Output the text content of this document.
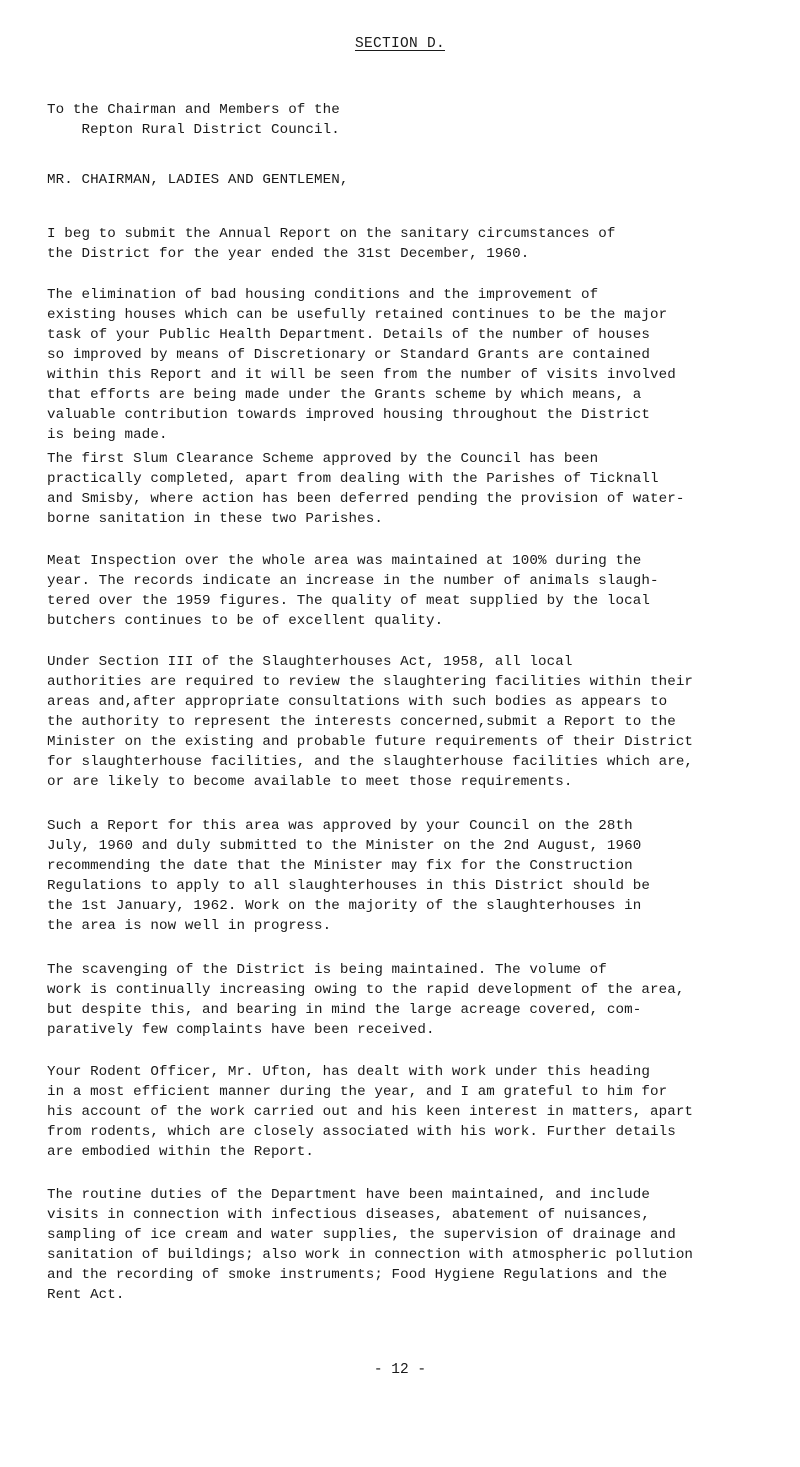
SECTION D.

To the Chairman and Members of the
Repton Rural District Council.

MR. CHAIRMAN, LADIES AND GENTLEMEN,

I beg to submit the Annual Report on the sanitary circumstances of
the District for the year ended the 31st December, 1960.

The elimination of bad housing conditions and the improvement of
existing houses which can be usefully retained continues to be the major
task of your Public Health Department. Details of the number of houses
so improved by means of Discretionary or Standard Grants are contained
within this Report and it will be seen from the number of visits involved
that efforts are being made under the Grants scheme by which means, a
valuable contribution towards improved housing throughout the District
is being made.

The first Slum Clearance Scheme approved by the Council has been
practically completed, apart from dealing with the Parishes of Ticknall
and Smisby, where action has been deferred pending the provision of water-
borne sanitation in these two Parishes.

Meat Inspection over the whole area was maintained at 100% during the
year. The records indicate an increase in the number of animals slaugh-
tered over the 1959 figures. The quality of meat supplied by the local
butchers continues to be of excellent quality.

Under Section III of the Slaughterhouses Act, 1958, all local
authorities are required to review the slaughtering facilities within their
areas and,after appropriate consultations with such bodies as appears to
the authority to represent the interests concerned,submit a Report to the
Minister on the existing and probable future requirements of their District
for slaughterhouse facilities, and the slaughterhouse facilities which are,
or are likely to become available to meet those requirements.

Such a Report for this area was approved by your Council on the 28th
July, 1960 and duly submitted to the Minister on the 2nd August, 1960
recommending the date that the Minister may fix for the Construction
Regulations to apply to all slaughterhouses in this District should be
the 1st January, 1962. Work on the majority of the slaughterhouses in
the area is now well in progress.

The scavenging of the District is being maintained. The volume of
work is continually increasing owing to the rapid development of the area,
but despite this, and bearing in mind the large acreage covered, com-
paratively few complaints have been received.

Your Rodent Officer, Mr. Ufton, has dealt with work under this heading
in a most efficient manner during the year, and I am grateful to him for
his account of the work carried out and his keen interest in matters, apart
from rodents, which are closely associated with his work. Further details
are embodied within the Report.

The routine duties of the Department have been maintained, and include
visits in connection with infectious diseases, abatement of nuisances,
sampling of ice cream and water supplies, the supervision of drainage and
sanitation of buildings; also work in connection with atmospheric pollution
and the recording of smoke instruments; Food Hygiene Regulations and the
Rent Act.

- 12 -
